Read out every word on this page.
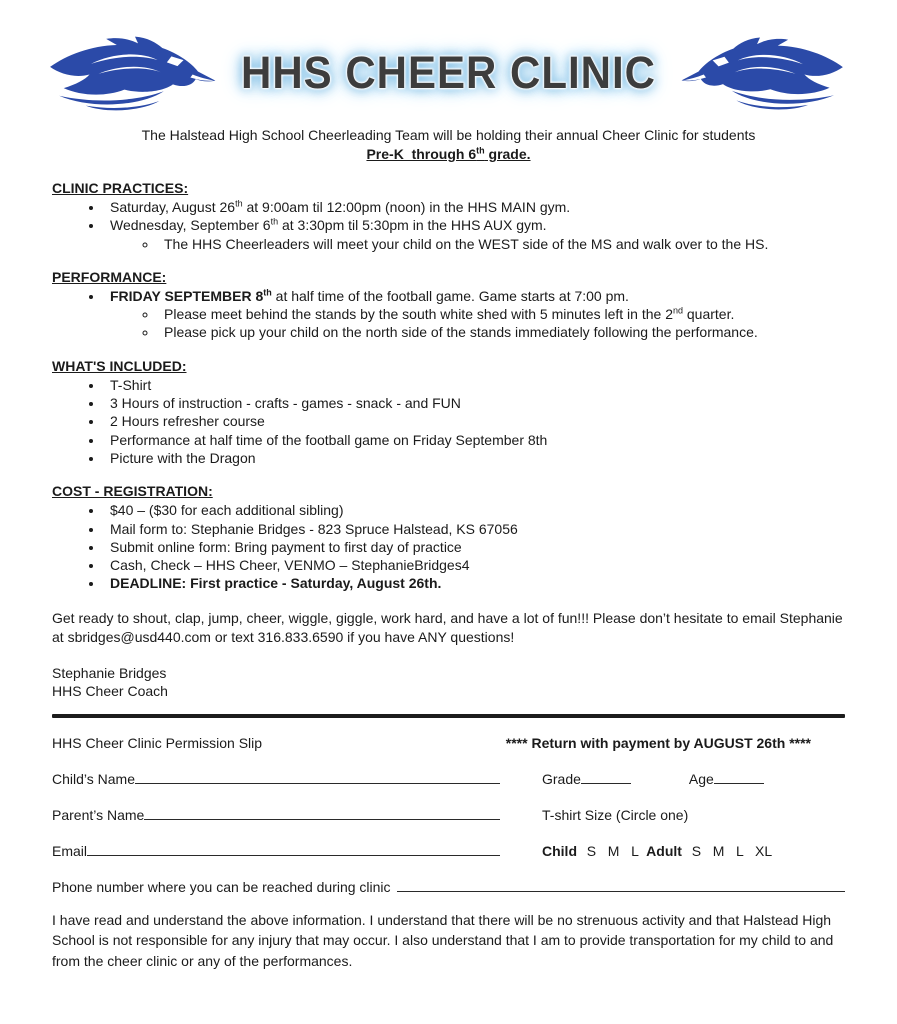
HHS CHEER CLINIC
The Halstead High School Cheerleading Team will be holding their annual Cheer Clinic for students
Pre-K  through 6th grade.
CLINIC PRACTICES:
• Saturday, August 26th at 9:00am til 12:00pm (noon) in the HHS MAIN gym.
• Wednesday, September 6th at 3:30pm til 5:30pm in the HHS AUX gym.
◦ The HHS Cheerleaders will meet your child on the WEST side of the MS and walk over to the HS.
PERFORMANCE:
• FRIDAY SEPTEMBER 8th at half time of the football game. Game starts at 7:00 pm.
◦ Please meet behind the stands by the south white shed with 5 minutes left in the 2nd quarter.
◦ Please pick up your child on the north side of the stands immediately following the performance.
WHAT'S INCLUDED:
• T-Shirt
• 3 Hours of instruction - crafts - games - snack - and FUN
• 2 Hours refresher course
• Performance at half time of the football game on Friday September 8th
• Picture with the Dragon
COST - REGISTRATION:
• $40 – ($30 for each additional sibling)
• Mail form to: Stephanie Bridges - 823 Spruce Halstead, KS 67056
• Submit online form: Bring payment to first day of practice
• Cash, Check – HHS Cheer, VENMO – StephanieBridges4
• DEADLINE: First practice - Saturday, August 26th.
Get ready to shout, clap, jump, cheer, wiggle, giggle, work hard, and have a lot of fun!!! Please don’t hesitate to email Stephanie at sbridges@usd440.com or text 316.833.6590 if you have ANY questions!
Stephanie Bridges
HHS Cheer Coach
HHS Cheer Clinic Permission Slip	**** Return with payment by AUGUST 26th ****
Child’s Name	Grade	Age
Parent’s Name	T-shirt Size (Circle one)
Email	Child S   M   L Adult S   M   L   XL
Phone number where you can be reached during clinic
I have read and understand the above information. I understand that there will be no strenuous activity and that Halstead High School is not responsible for any injury that may occur. I also understand that I am to provide transportation for my child to and from the cheer clinic or any of the performances.
